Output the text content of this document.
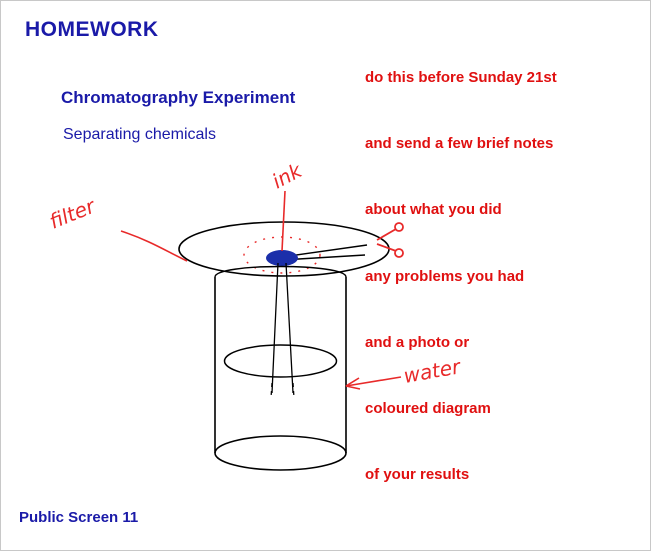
HOMEWORK
Chromatography Experiment
Separating chemicals

do this before Sunday 21st

and send a few brief notes

about what you did

any problems you had

and a photo or

coloured diagram

of your results

ink
filter
water
Public Screen 11
